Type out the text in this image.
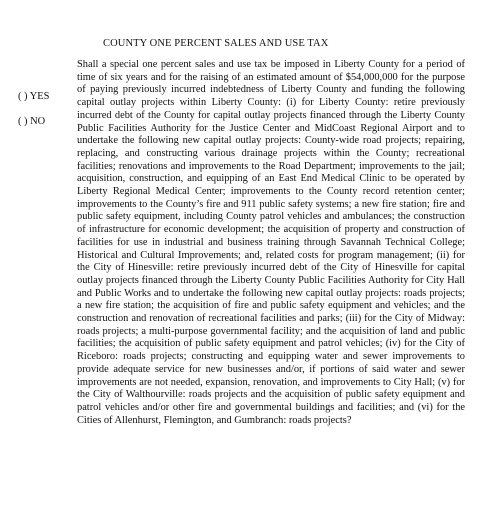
COUNTY ONE PERCENT SALES AND USE TAX
( ) YES
( ) NO

Shall a special one percent sales and use tax be imposed in Liberty County for a period of time of six years and for the raising of an estimated amount of $54,000,000 for the purpose of paying previously incurred indebtedness of Liberty County and funding the following capital outlay projects within Liberty County: (i) for Liberty County: retire previously incurred debt of the County for capital outlay projects financed through the Liberty County Public Facilities Authority for the Justice Center and MidCoast Regional Airport and to undertake the following new capital outlay projects: County-wide road projects; repairing, replacing, and constructing various drainage projects within the County; recreational facilities; renovations and improvements to the Road Department; improvements to the jail; acquisition, construction, and equipping of an East End Medical Clinic to be operated by Liberty Regional Medical Center; improvements to the County record retention center; improvements to the County’s fire and 911 public safety systems; a new fire station; fire and public safety equipment, including County patrol vehicles and ambulances; the construction of infrastructure for economic development; the acquisition of property and construction of facilities for use in industrial and business training through Savannah Technical College; Historical and Cultural Improvements; and, related costs for program management; (ii) for the City of Hinesville: retire previously incurred debt of the City of Hinesville for capital outlay projects financed through the Liberty County Public Facilities Authority for City Hall and Public Works and to undertake the following new capital outlay projects: roads projects; a new fire station; the acquisition of fire and public safety equipment and vehicles; and the construction and renovation of recreational facilities and parks; (iii) for the City of Midway: roads projects; a multi-purpose governmental facility; and the acquisition of land and public facilities; the acquisition of public safety equipment and patrol vehicles; (iv) for the City of Riceboro: roads projects; constructing and equipping water and sewer improvements to provide adequate service for new businesses and/or, if portions of said water and sewer improvements are not needed, expansion, renovation, and improvements to City Hall; (v) for the City of Walthourville: roads projects and the acquisition of public safety equipment and patrol vehicles and/or other fire and governmental buildings and facilities; and (vi) for the Cities of Allenhurst, Flemington, and Gumbranch: roads projects?
